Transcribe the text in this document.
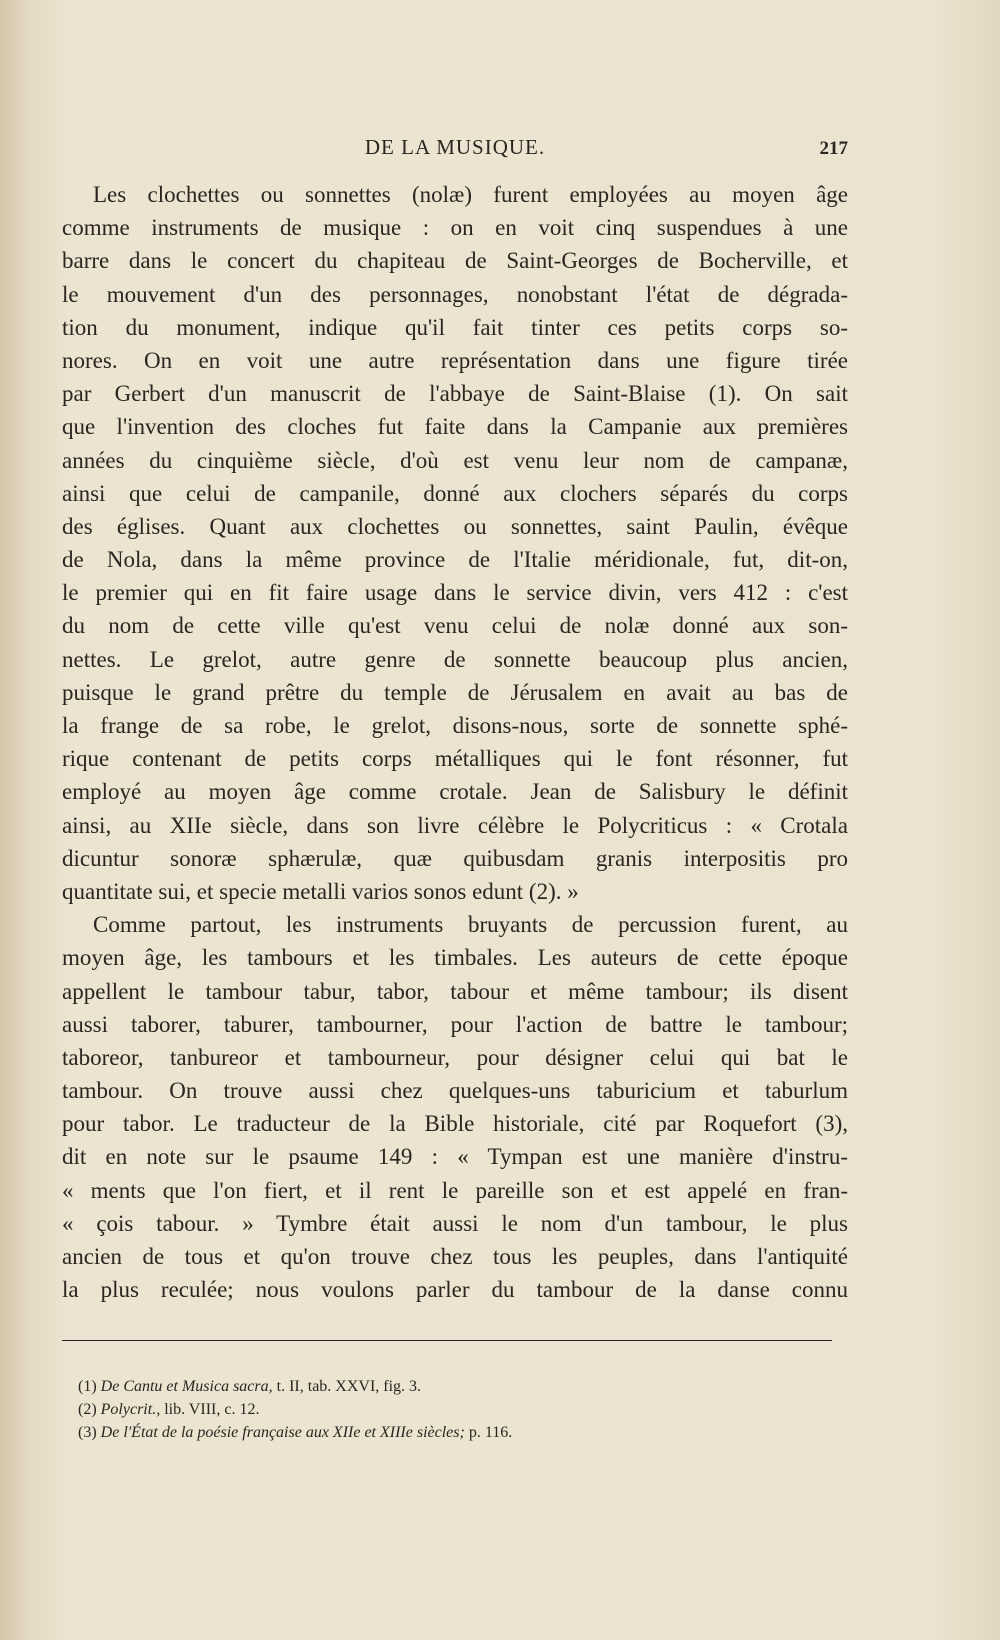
DE LA MUSIQUE.	217
Les clochettes ou sonnettes (nolæ) furent employées au moyen âge
comme instruments de musique : on en voit cinq suspendues à une
barre dans le concert du chapiteau de Saint-Georges de Bocherville, et
le mouvement d'un des personnages, nonobstant l'état de dégrada-
tion du monument, indique qu'il fait tinter ces petits corps so-
nores. On en voit une autre représentation dans une figure tirée
par Gerbert d'un manuscrit de l'abbaye de Saint-Blaise (1). On sait
que l'invention des cloches fut faite dans la Campanie aux premières
années du cinquième siècle, d'où est venu leur nom de campanæ,
ainsi que celui de campanile, donné aux clochers séparés du corps
des églises. Quant aux clochettes ou sonnettes, saint Paulin, évêque
de Nola, dans la même province de l'Italie méridionale, fut, dit-on,
le premier qui en fit faire usage dans le service divin, vers 412 : c'est
du nom de cette ville qu'est venu celui de nolæ donné aux son-
nettes. Le grelot, autre genre de sonnette beaucoup plus ancien,
puisque le grand prêtre du temple de Jérusalem en avait au bas de
la frange de sa robe, le grelot, disons-nous, sorte de sonnette sphé-
rique contenant de petits corps métalliques qui le font résonner, fut
employé au moyen âge comme crotale. Jean de Salisbury le définit
ainsi, au XIIe siècle, dans son livre célèbre le Polycriticus : « Crotala
dicuntur sonoræ sphærulæ, quæ quibusdam granis interpositis pro
quantitate sui, et specie metalli varios sonos edunt (2). »
Comme partout, les instruments bruyants de percussion furent, au
moyen âge, les tambours et les timbales. Les auteurs de cette époque
appellent le tambour tabur, tabor, tabour et même tambour; ils disent
aussi taborer, taburer, tambourner, pour l'action de battre le tambour;
taboreor, tanbureor et tambourneur, pour désigner celui qui bat le
tambour. On trouve aussi chez quelques-uns taburicium et taburlum
pour tabor. Le traducteur de la Bible historiale, cité par Roquefort (3),
dit en note sur le psaume 149 : « Tympan est une manière d'instru-
« ments que l'on fiert, et il rent le pareille son et est appelé en fran-
« çois tabour. » Tymbre était aussi le nom d'un tambour, le plus
ancien de tous et qu'on trouve chez tous les peuples, dans l'antiquité
la plus reculée; nous voulons parler du tambour de la danse connu
(1) De Cantu et Musica sacra, t. II, tab. XXVI, fig. 3.
(2) Polycrit., lib. VIII, c. 12.
(3) De l'État de la poésie française aux XIIe et XIIIe siècles; p. 116.
